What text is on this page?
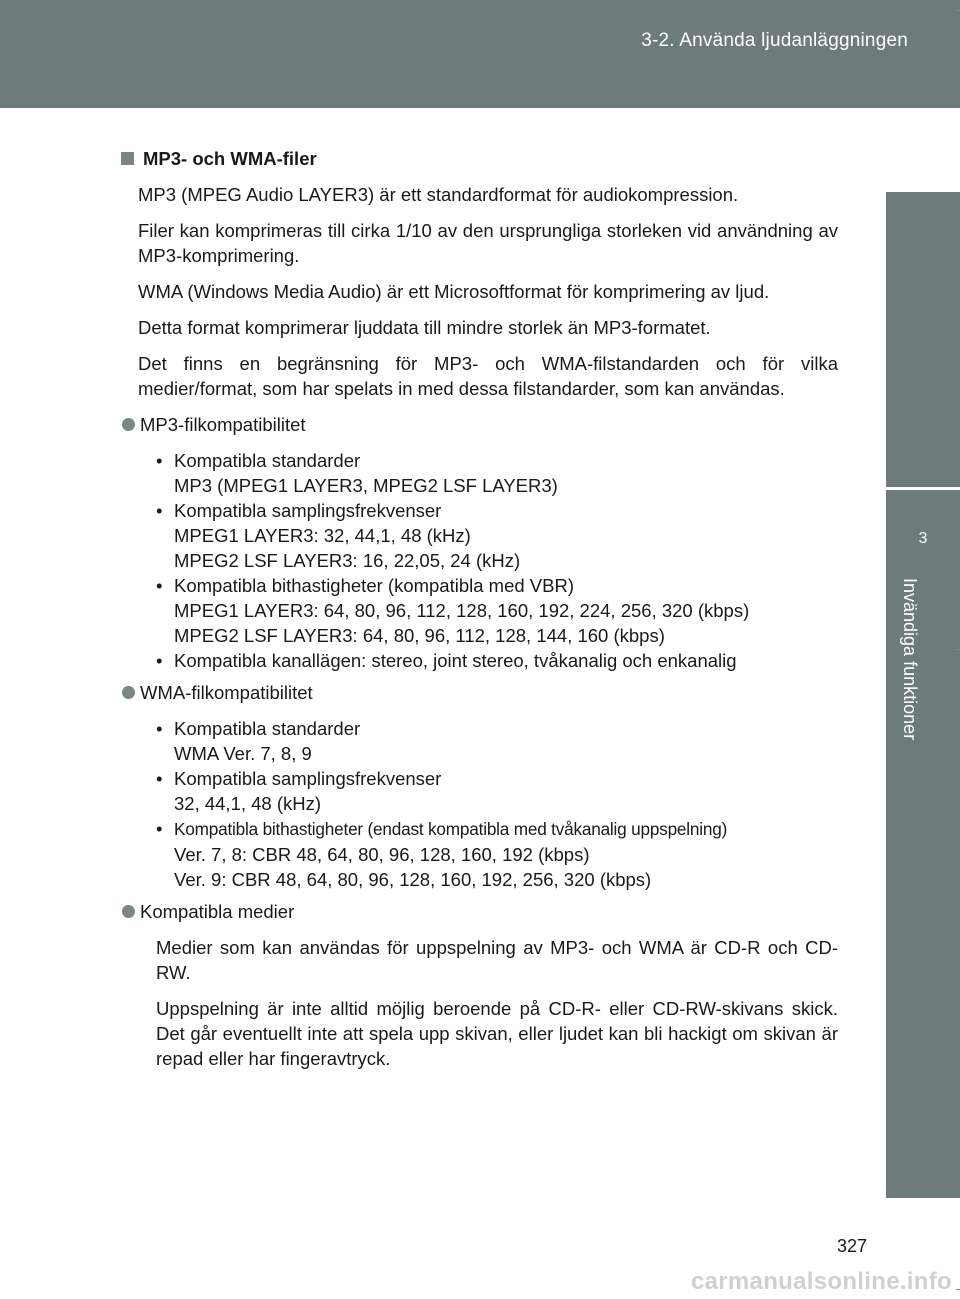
3-2. Använda ljudanläggningen
3
Invändiga funktioner
MP3- och WMA-filer

MP3 (MPEG Audio LAYER3) är ett standardformat för audiokompression.

Filer kan komprimeras till cirka 1/10 av den ursprungliga storleken vid användning av MP3-komprimering.

WMA (Windows Media Audio) är ett Microsoftformat för komprimering av ljud.

Detta format komprimerar ljuddata till mindre storlek än MP3-formatet.

Det finns en begränsning för MP3- och WMA-filstandarden och för vilka medier/format, som har spelats in med dessa filstandarder, som kan användas.

MP3-filkompatibilitet
• Kompatibla standarder
MP3 (MPEG1 LAYER3, MPEG2 LSF LAYER3)
• Kompatibla samplingsfrekvenser
MPEG1 LAYER3: 32, 44,1, 48 (kHz)
MPEG2 LSF LAYER3: 16, 22,05, 24 (kHz)
• Kompatibla bithastigheter (kompatibla med VBR)
MPEG1 LAYER3: 64, 80, 96, 112, 128, 160, 192, 224, 256, 320 (kbps)
MPEG2 LSF LAYER3: 64, 80, 96, 112, 128, 144, 160 (kbps)
• Kompatibla kanallägen: stereo, joint stereo, tvåkanalig och enkanalig
WMA-filkompatibilitet
• Kompatibla standarder
WMA Ver. 7, 8, 9
• Kompatibla samplingsfrekvenser
32, 44,1, 48 (kHz)
• Kompatibla bithastigheter (endast kompatibla med tvåkanalig uppspelning)
Ver. 7, 8: CBR 48, 64, 80, 96, 128, 160, 192 (kbps)
Ver. 9: CBR 48, 64, 80, 96, 128, 160, 192, 256, 320 (kbps)
Kompatibla medier

Medier som kan användas för uppspelning av MP3- och WMA är CD-R och CD-RW.

Uppspelning är inte alltid möjlig beroende på CD-R- eller CD-RW-skivans skick. Det går eventuellt inte att spela upp skivan, eller ljudet kan bli hackigt om skivan är repad eller har fingeravtryck.

327
carmanualsonline.info
